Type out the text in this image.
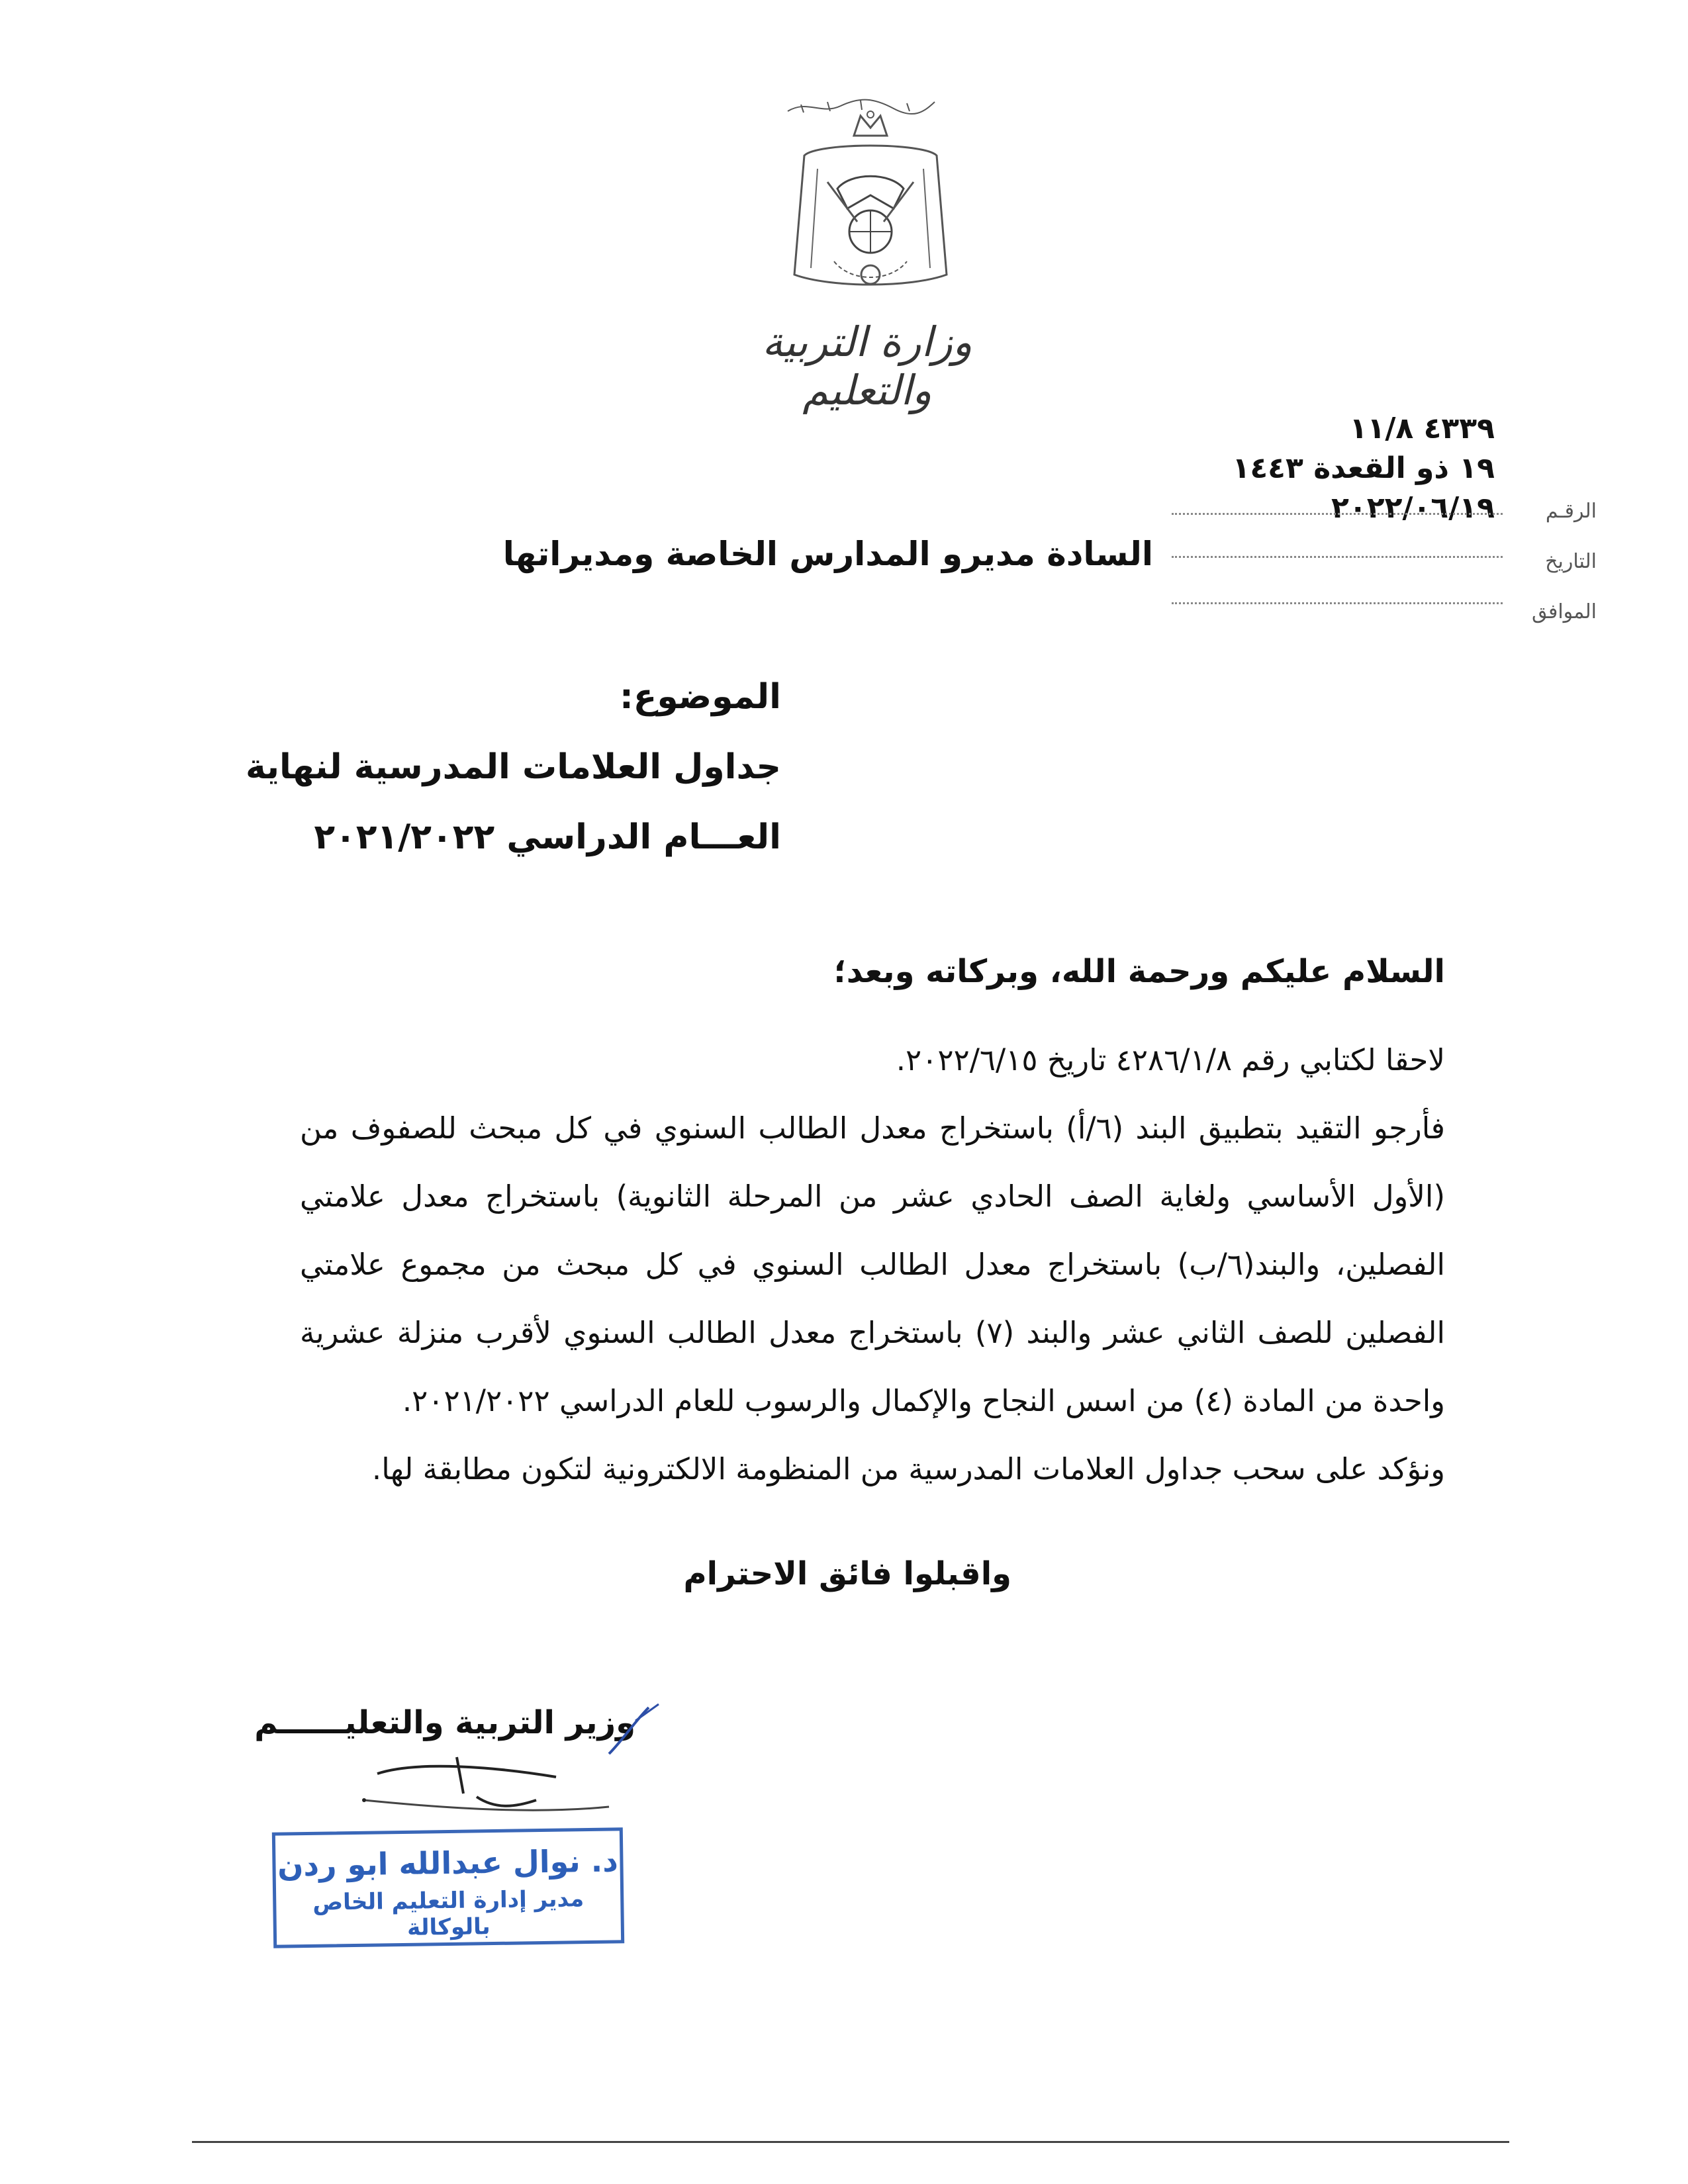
وزارة التربية والتعليم
٤٣٣٩ ١١/٨
١٩ ذو القعدة ١٤٤٣
٢٠٢٢/٠٦/١٩	الرقـم
التاريخ
الموافق
السادة مديرو المدارس الخاصة ومديراتها
الموضوع:
جداول العلامات المدرسية لنهاية
العـــام الدراسي ٢٠٢١/٢٠٢٢
السلام عليكم ورحمة الله، وبركاته وبعد؛

لاحقا لكتابي رقم ٤٢٨٦/١/٨ تاريخ ٢٠٢٢/٦/١٥.

فأرجو التقيد بتطبيق البند (٦/أ) باستخراج معدل الطالب السنوي في كل مبحث للصفوف من (الأول الأساسي ولغاية الصف الحادي عشر من المرحلة الثانوية) باستخراج معدل علامتي الفصلين، والبند(٦/ب) باستخراج معدل الطالب السنوي في كل مبحث من مجموع علامتي الفصلين للصف الثاني عشر والبند (٧) باستخراج معدل الطالب السنوي لأقرب منزلة عشرية واحدة من المادة (٤) من اسس النجاح والإكمال والرسوب للعام الدراسي ٢٠٢١/٢٠٢٢.

ونؤكد على سحب جداول العلامات المدرسية من المنظومة الالكترونية لتكون مطابقة لها.

واقبلوا فائق الاحترام
وزير التربية والتعليــــــم
د. نوال عبدالله ابو ردن
مدير إدارة التعليم الخاص بالوكالة
